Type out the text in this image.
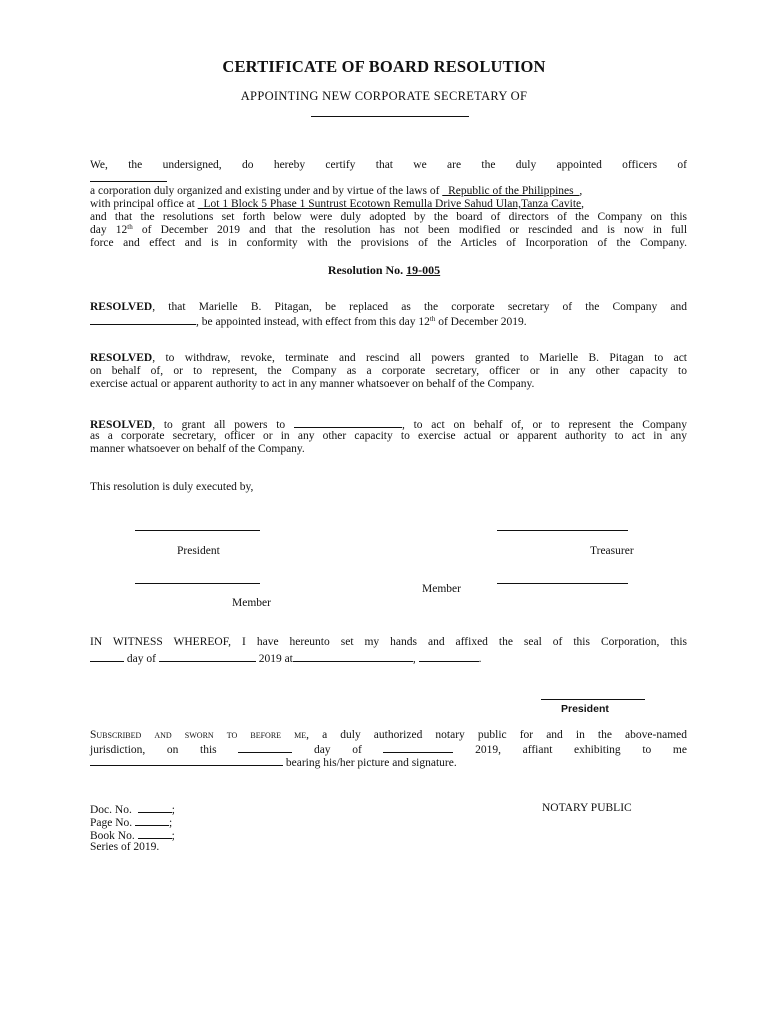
CERTIFICATE OF BOARD RESOLUTION
APPOINTING NEW CORPORATE SECRETARY OF
We, the undersigned, do hereby certify that we are the duly appointed officers of
a corporation duly organized and existing under and by virtue of the laws of _Republic of the Philippines_,
with principal office at _Lot 1 Block 5 Phase 1 Suntrust Ecotown Remulla Drive Sahud Ulan,Tanza Cavite,
and that the resolutions set forth below were duly adopted by the board of directors of the Company on this
day 12th of December 2019 and that the resolution has not been modified or rescinded and is now in full
force and effect and is in conformity with the provisions of the Articles of Incorporation of the Company.
Resolution No. 19-005
RESOLVED, that Marielle B. Pitagan, be replaced as the corporate secretary of the Company and
, be appointed instead, with effect from this day 12th of December 2019.
RESOLVED, to withdraw, revoke, terminate and rescind all powers granted to Marielle B. Pitagan to act
on behalf of, or to represent, the Company as a corporate secretary, officer or in any other capacity to
exercise actual or apparent authority to act in any manner whatsoever on behalf of the Company.
RESOLVED, to grant all powers to	, to act on behalf of, or to represent the Company
as a corporate secretary, officer or in any other capacity to exercise actual or apparent authority to act in any
manner whatsoever on behalf of the Company.
This resolution is duly executed by,
President	Treasurer
Member
Member
IN WITNESS WHEREOF, I have hereunto set my hands and affixed the seal of this Corporation, this
day of	2019 at	,	.
President
Subscribed and sworn to before me, a duly authorized notary public for and in the above-named
jurisdiction, on this	day of	2019, affiant exhibiting to me
bearing his/her picture and signature.
Doc. No.	;
Page No.	;
Book No.	;
Series of 2019.
NOTARY PUBLIC
